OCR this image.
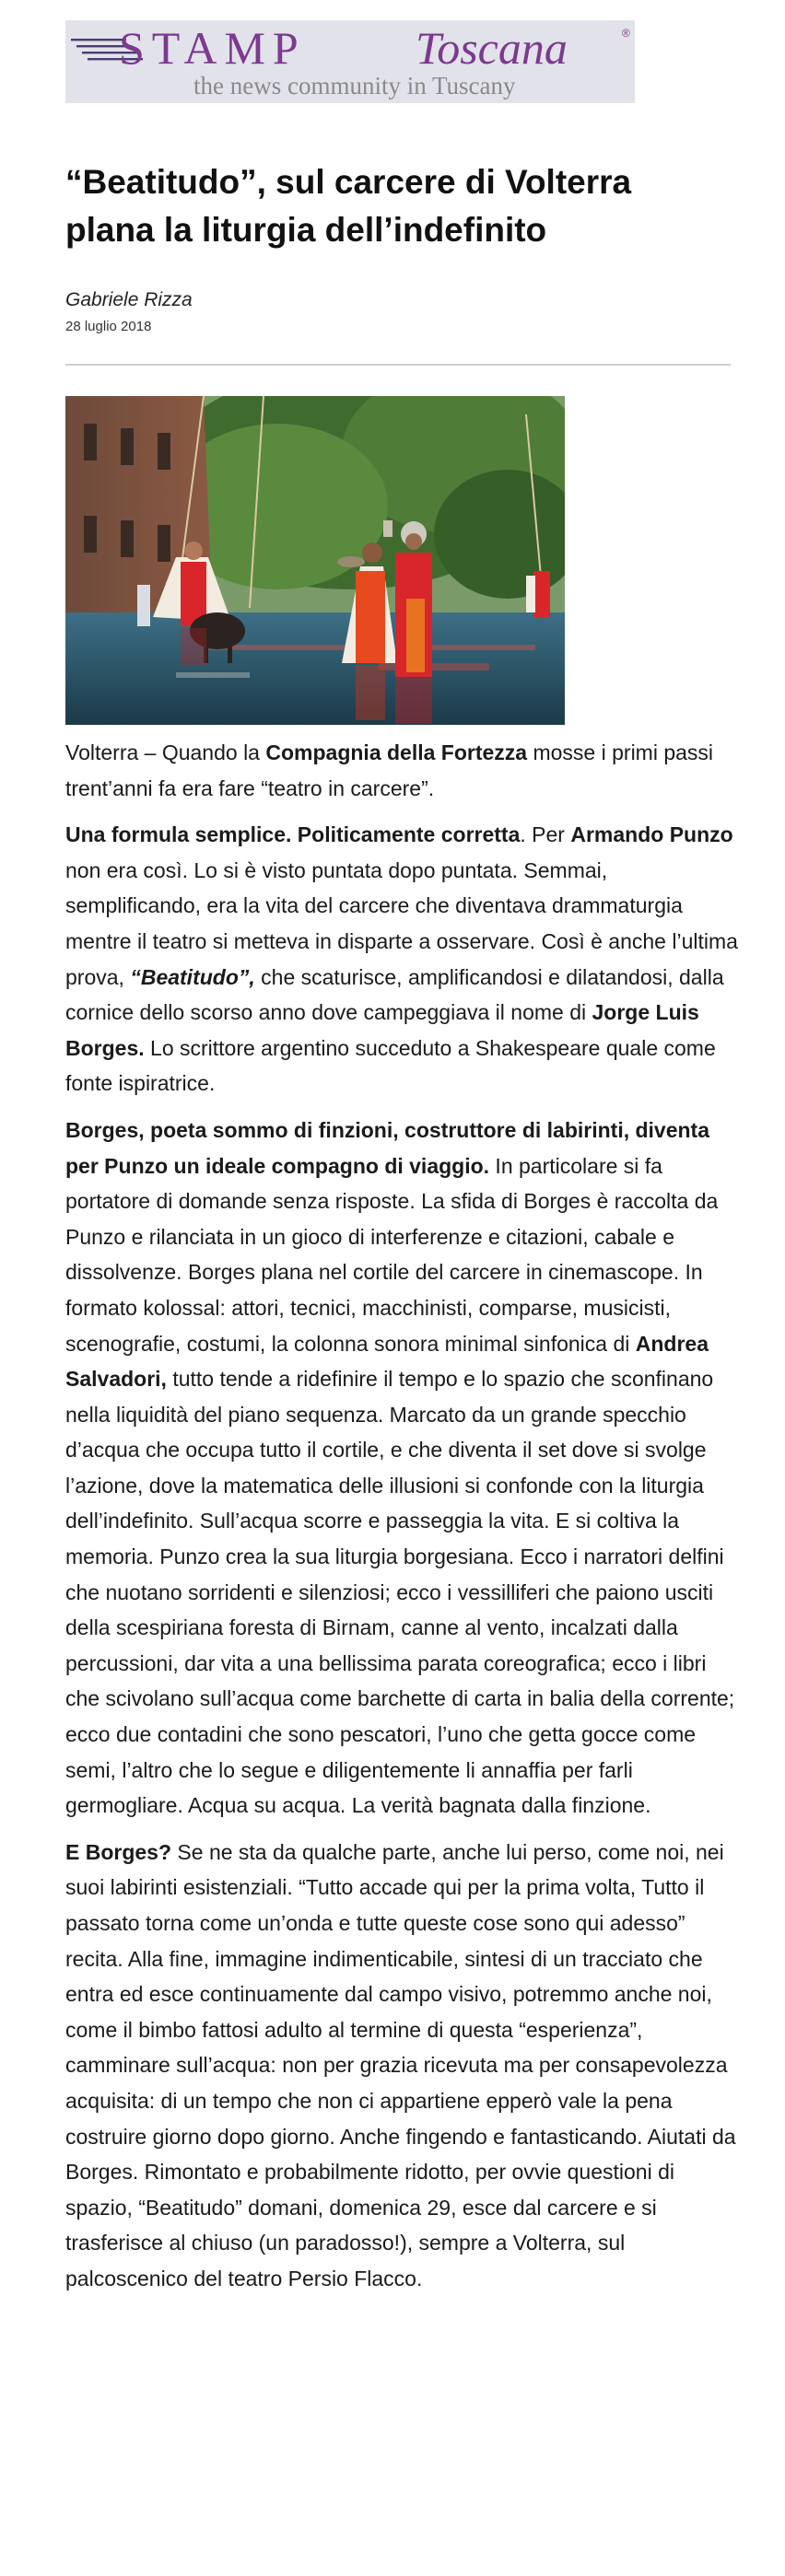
STAMP Toscana	®
the news community in Tuscany
“Beatitudo”, sul carcere di Volterra plana la liturgia dell’indefinito
Gabriele Rizza
28 luglio 2018

Volterra – Quando la Compagnia della Fortezza mosse i primi passi trent’anni fa era fare “teatro in carcere”.

Una formula semplice. Politicamente corretta. Per Armando Punzo non era così. Lo si è visto puntata dopo puntata. Semmai, semplificando, era la vita del carcere che diventava drammaturgia mentre il teatro si metteva in disparte a osservare. Così è anche l’ultima prova, “Beatitudo”, che scaturisce, amplificandosi e dilatandosi, dalla cornice dello scorso anno dove campeggiava il nome di Jorge Luis Borges. Lo scrittore argentino succeduto a Shakespeare quale come fonte ispiratrice.

Borges, poeta sommo di finzioni, costruttore di labirinti, diventa per Punzo un ideale compagno di viaggio. In particolare si fa portatore di domande senza risposte. La sfida di Borges è raccolta da Punzo e rilanciata in un gioco di interferenze e citazioni, cabale e dissolvenze. Borges plana nel cortile del carcere in cinemascope. In formato kolossal: attori, tecnici, macchinisti, comparse, musicisti, scenografie, costumi, la colonna sonora minimal sinfonica di Andrea Salvadori, tutto tende a ridefinire il tempo e lo spazio che sconfinano nella liquidità del piano sequenza. Marcato da un grande specchio d’acqua che occupa tutto il cortile, e che diventa il set dove si svolge l’azione, dove la matematica delle illusioni si confonde con la liturgia dell’indefinito. Sull’acqua scorre e passeggia la vita. E si coltiva la memoria. Punzo crea la sua liturgia borgesiana. Ecco i narratori delfini che nuotano sorridenti e silenziosi; ecco i vessilliferi che paiono usciti della scespiriana foresta di Birnam, canne al vento, incalzati dalla percussioni, dar vita a una bellissima parata coreografica; ecco i libri che scivolano sull’acqua come barchette di carta in balia della corrente; ecco due contadini che sono pescatori, l’uno che getta gocce come semi, l’altro che lo segue e diligentemente li annaffia per farli germogliare. Acqua su acqua. La verità bagnata dalla finzione.

E Borges? Se ne sta da qualche parte, anche lui perso, come noi, nei suoi labirinti esistenziali. “Tutto accade qui per la prima volta, Tutto il passato torna come un’onda e tutte queste cose sono qui adesso” recita. Alla fine, immagine indimenticabile, sintesi di un tracciato che entra ed esce continuamente dal campo visivo, potremmo anche noi, come il bimbo fattosi adulto al termine di questa “esperienza”, camminare sull’acqua: non per grazia ricevuta ma per consapevolezza acquisita: di un tempo che non ci appartiene epperò vale la pena costruire giorno dopo giorno. Anche fingendo e fantasticando. Aiutati da Borges. Rimontato e probabilmente ridotto, per ovvie questioni di spazio, “Beatitudo” domani, domenica 29, esce dal carcere e si trasferisce al chiuso (un paradosso!), sempre a Volterra, sul palcoscenico del teatro Persio Flacco.
